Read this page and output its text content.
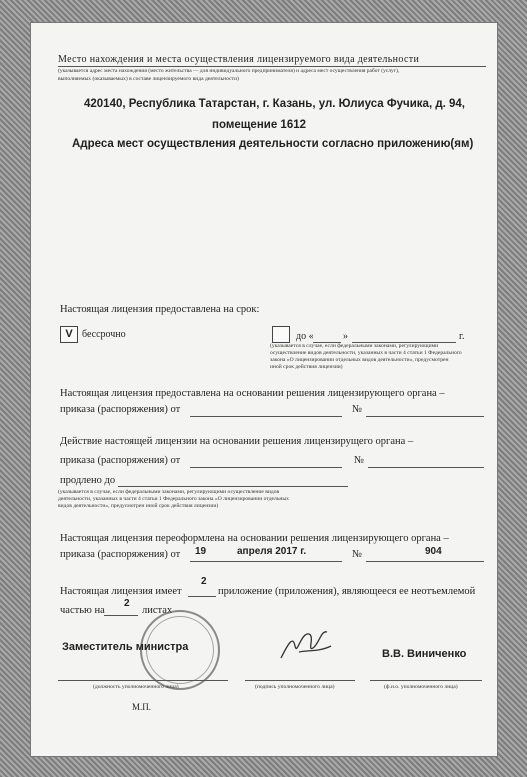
Место нахождения и места осуществления лицензируемого вида деятельности
(указывается адрес места нахождения (место жительства — для индивидуального предпринимателя) и адреса мест осуществления работ (услуг),
выполняемых (оказываемых) в составе лицензируемого вида деятельности)
420140, Республика Татарстан, г. Казань, ул. Юлиуса Фучика, д. 94,
помещение 1612
Адреса мест осуществления деятельности согласно приложению(ям)
Настоящая лицензия предоставлена на срок:
V бессрочно	до «	»	г.
(указывается в случае, если федеральными законами, регулирующими
осуществление видов деятельности, указанных в части 4 статьи 1 Федерального
закона «О лицензировании отдельных видов деятельности», предусмотрен
иной срок действия лицензии)
Настоящая лицензия предоставлена на основании решения лицензирующего органа –
приказа (распоряжения) от	№
Действие настоящей лицензии на основании решения лицензирущего органа –
приказа (распоряжения) от	№
продлено до
(указывается в случае, если федеральными законами, регулирующими осуществление видов
деятельности, указанных в части 4 статьи 1 Федерального закона «О лицензировании отдельных
видов деятельности», предусмотрен иной срок действия лицензии)
Настоящая лицензия переоформлена на основании решения лицензирующего органа –
приказа (распоряжения) от 19	апреля 2017 г.	№	904
Настоящая лицензия имеет
2
приложение (приложения), являющееся ее неотъемлемой
частью на
2
листах
Заместитель министра
В.В. Виниченко
(должность уполномоченного лица)	(подпись уполномоченного лица)	(ф.и.о. уполномоченного лица)
М.П.
